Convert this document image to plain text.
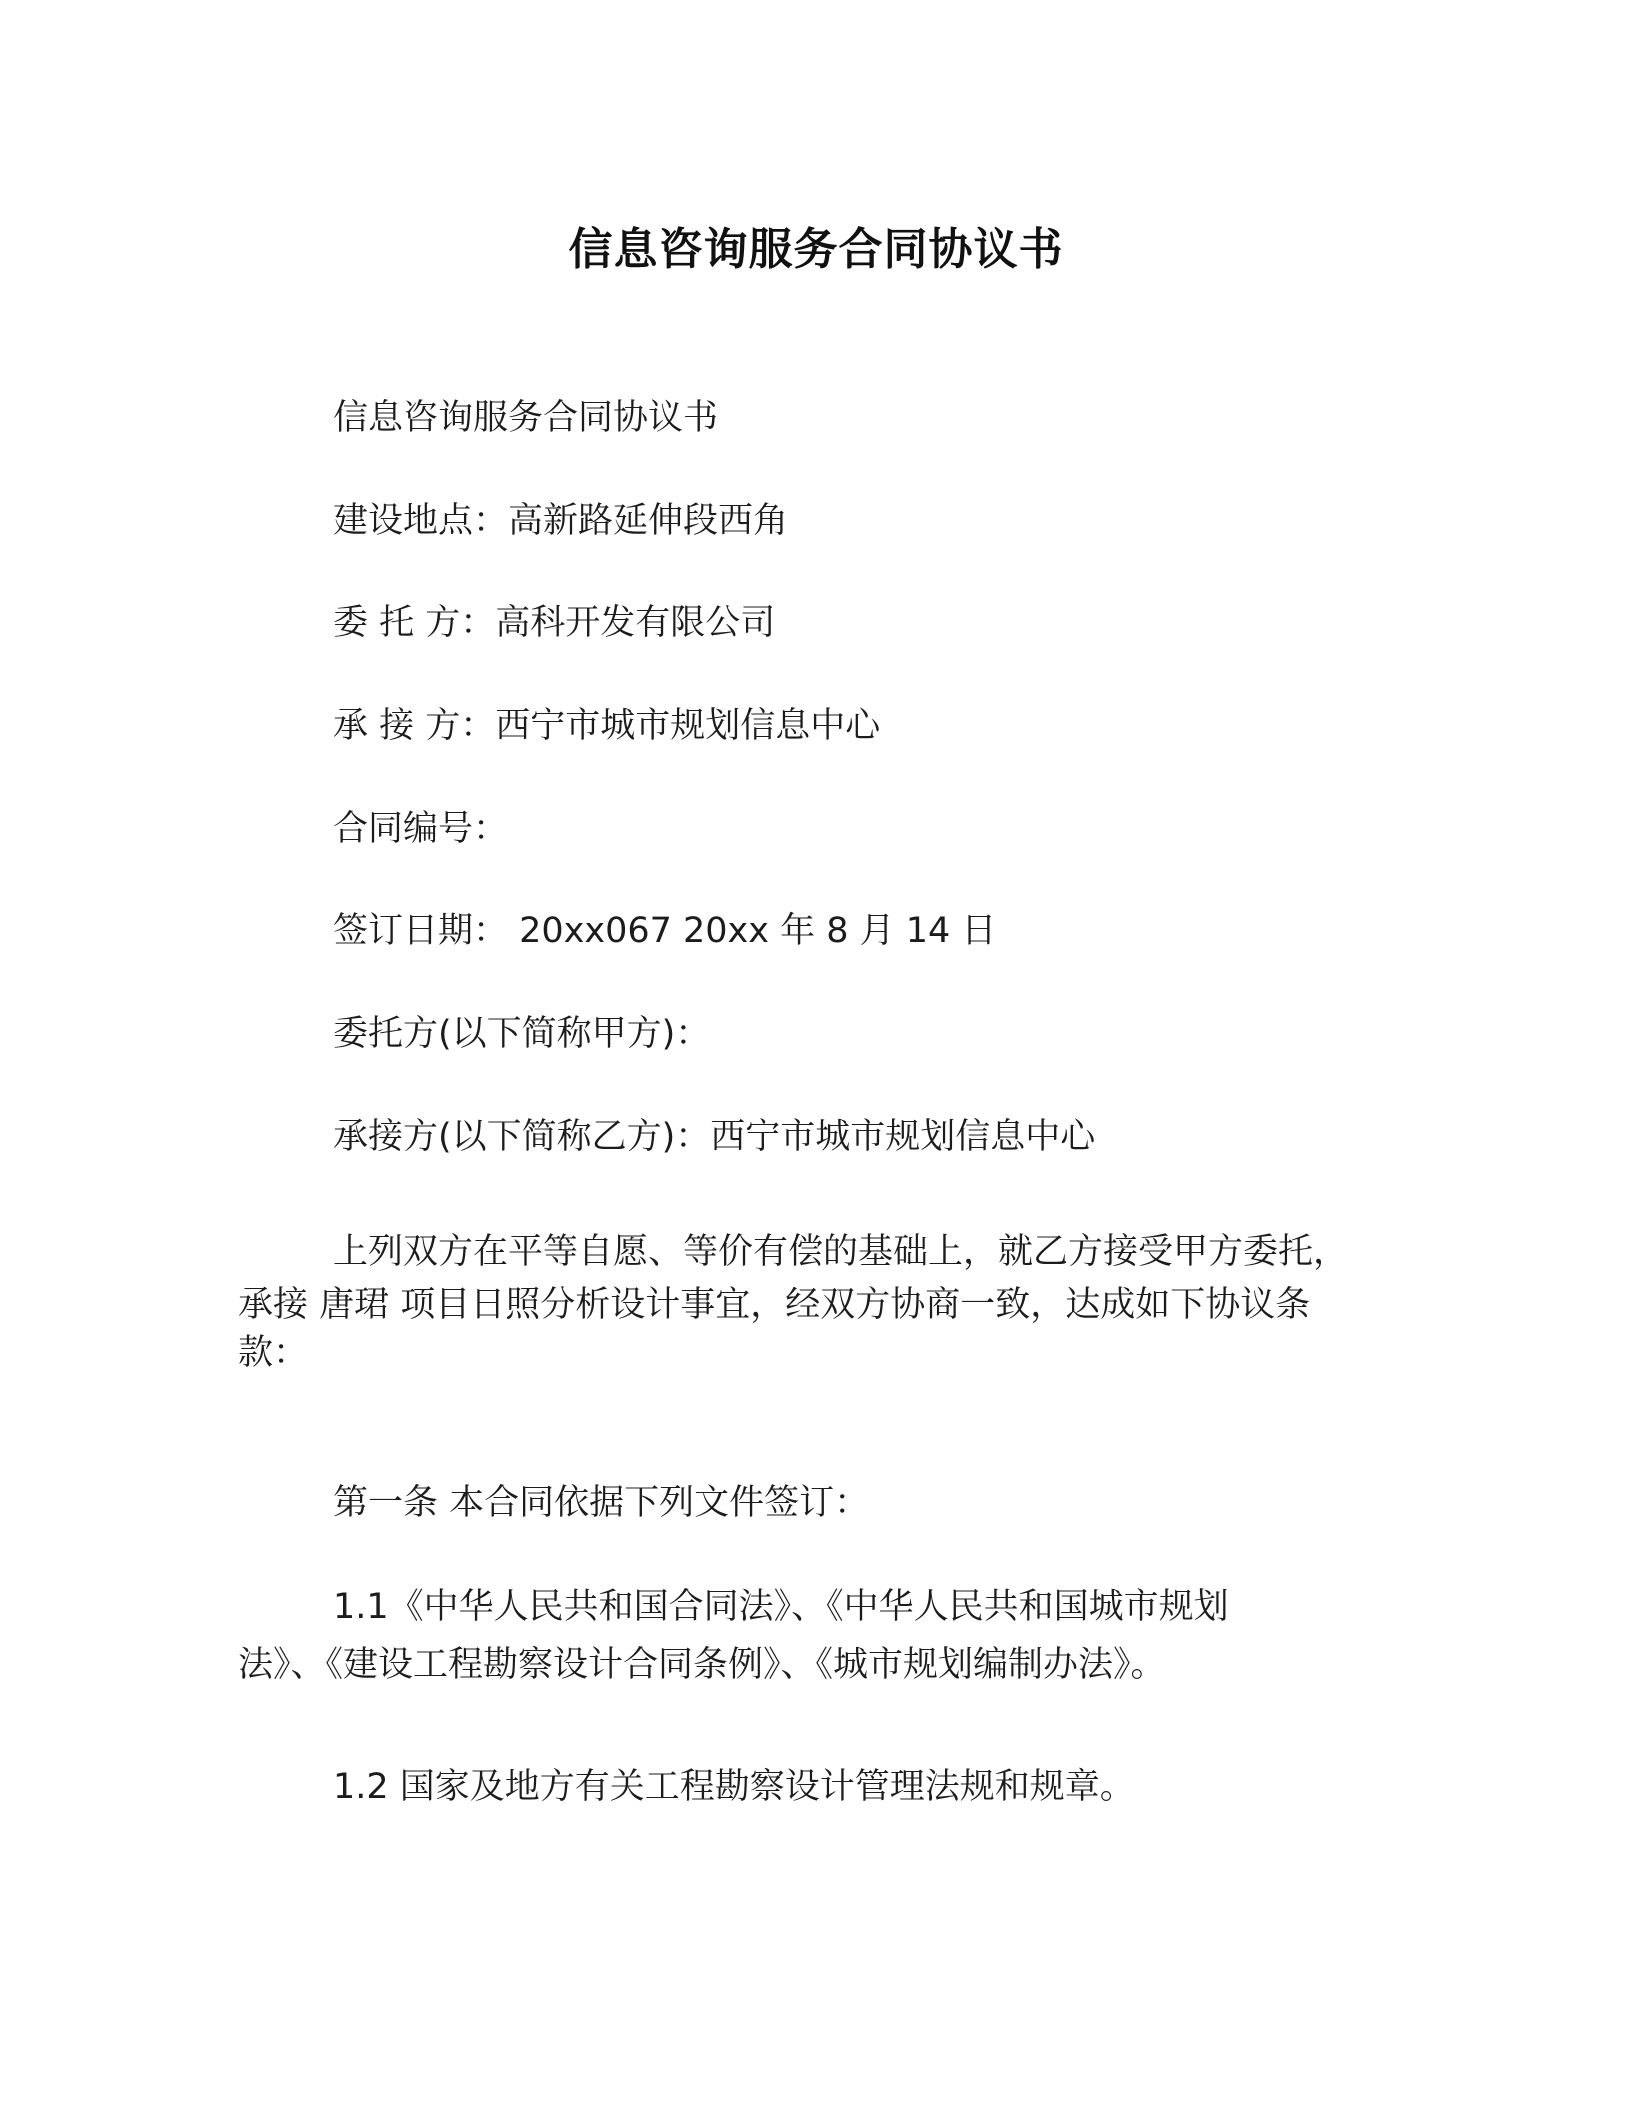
信息咨询服务合同协议书

信息咨询服务合同协议书

建设地点：高新路延伸段西角

委 托 方：高科开发有限公司

承 接 方：西宁市城市规划信息中心

合同编号：

签订日期： 20xx067 20xx 年 8 月 14 日

委托方(以下简称甲方)：

承接方(以下简称乙方)：西宁市城市规划信息中心

上列双方在平等自愿、等价有偿的基础上，就乙方接受甲方委托，
承接 唐珺 项目日照分析设计事宜，经双方协商一致，达成如下协议条
款：

第一条 本合同依据下列文件签订：

1.1《中华人民共和国合同法》、《中华人民共和国城市规划
法》、《建设工程勘察设计合同条例》、《城市规划编制办法》。

1.2 国家及地方有关工程勘察设计管理法规和规章。
